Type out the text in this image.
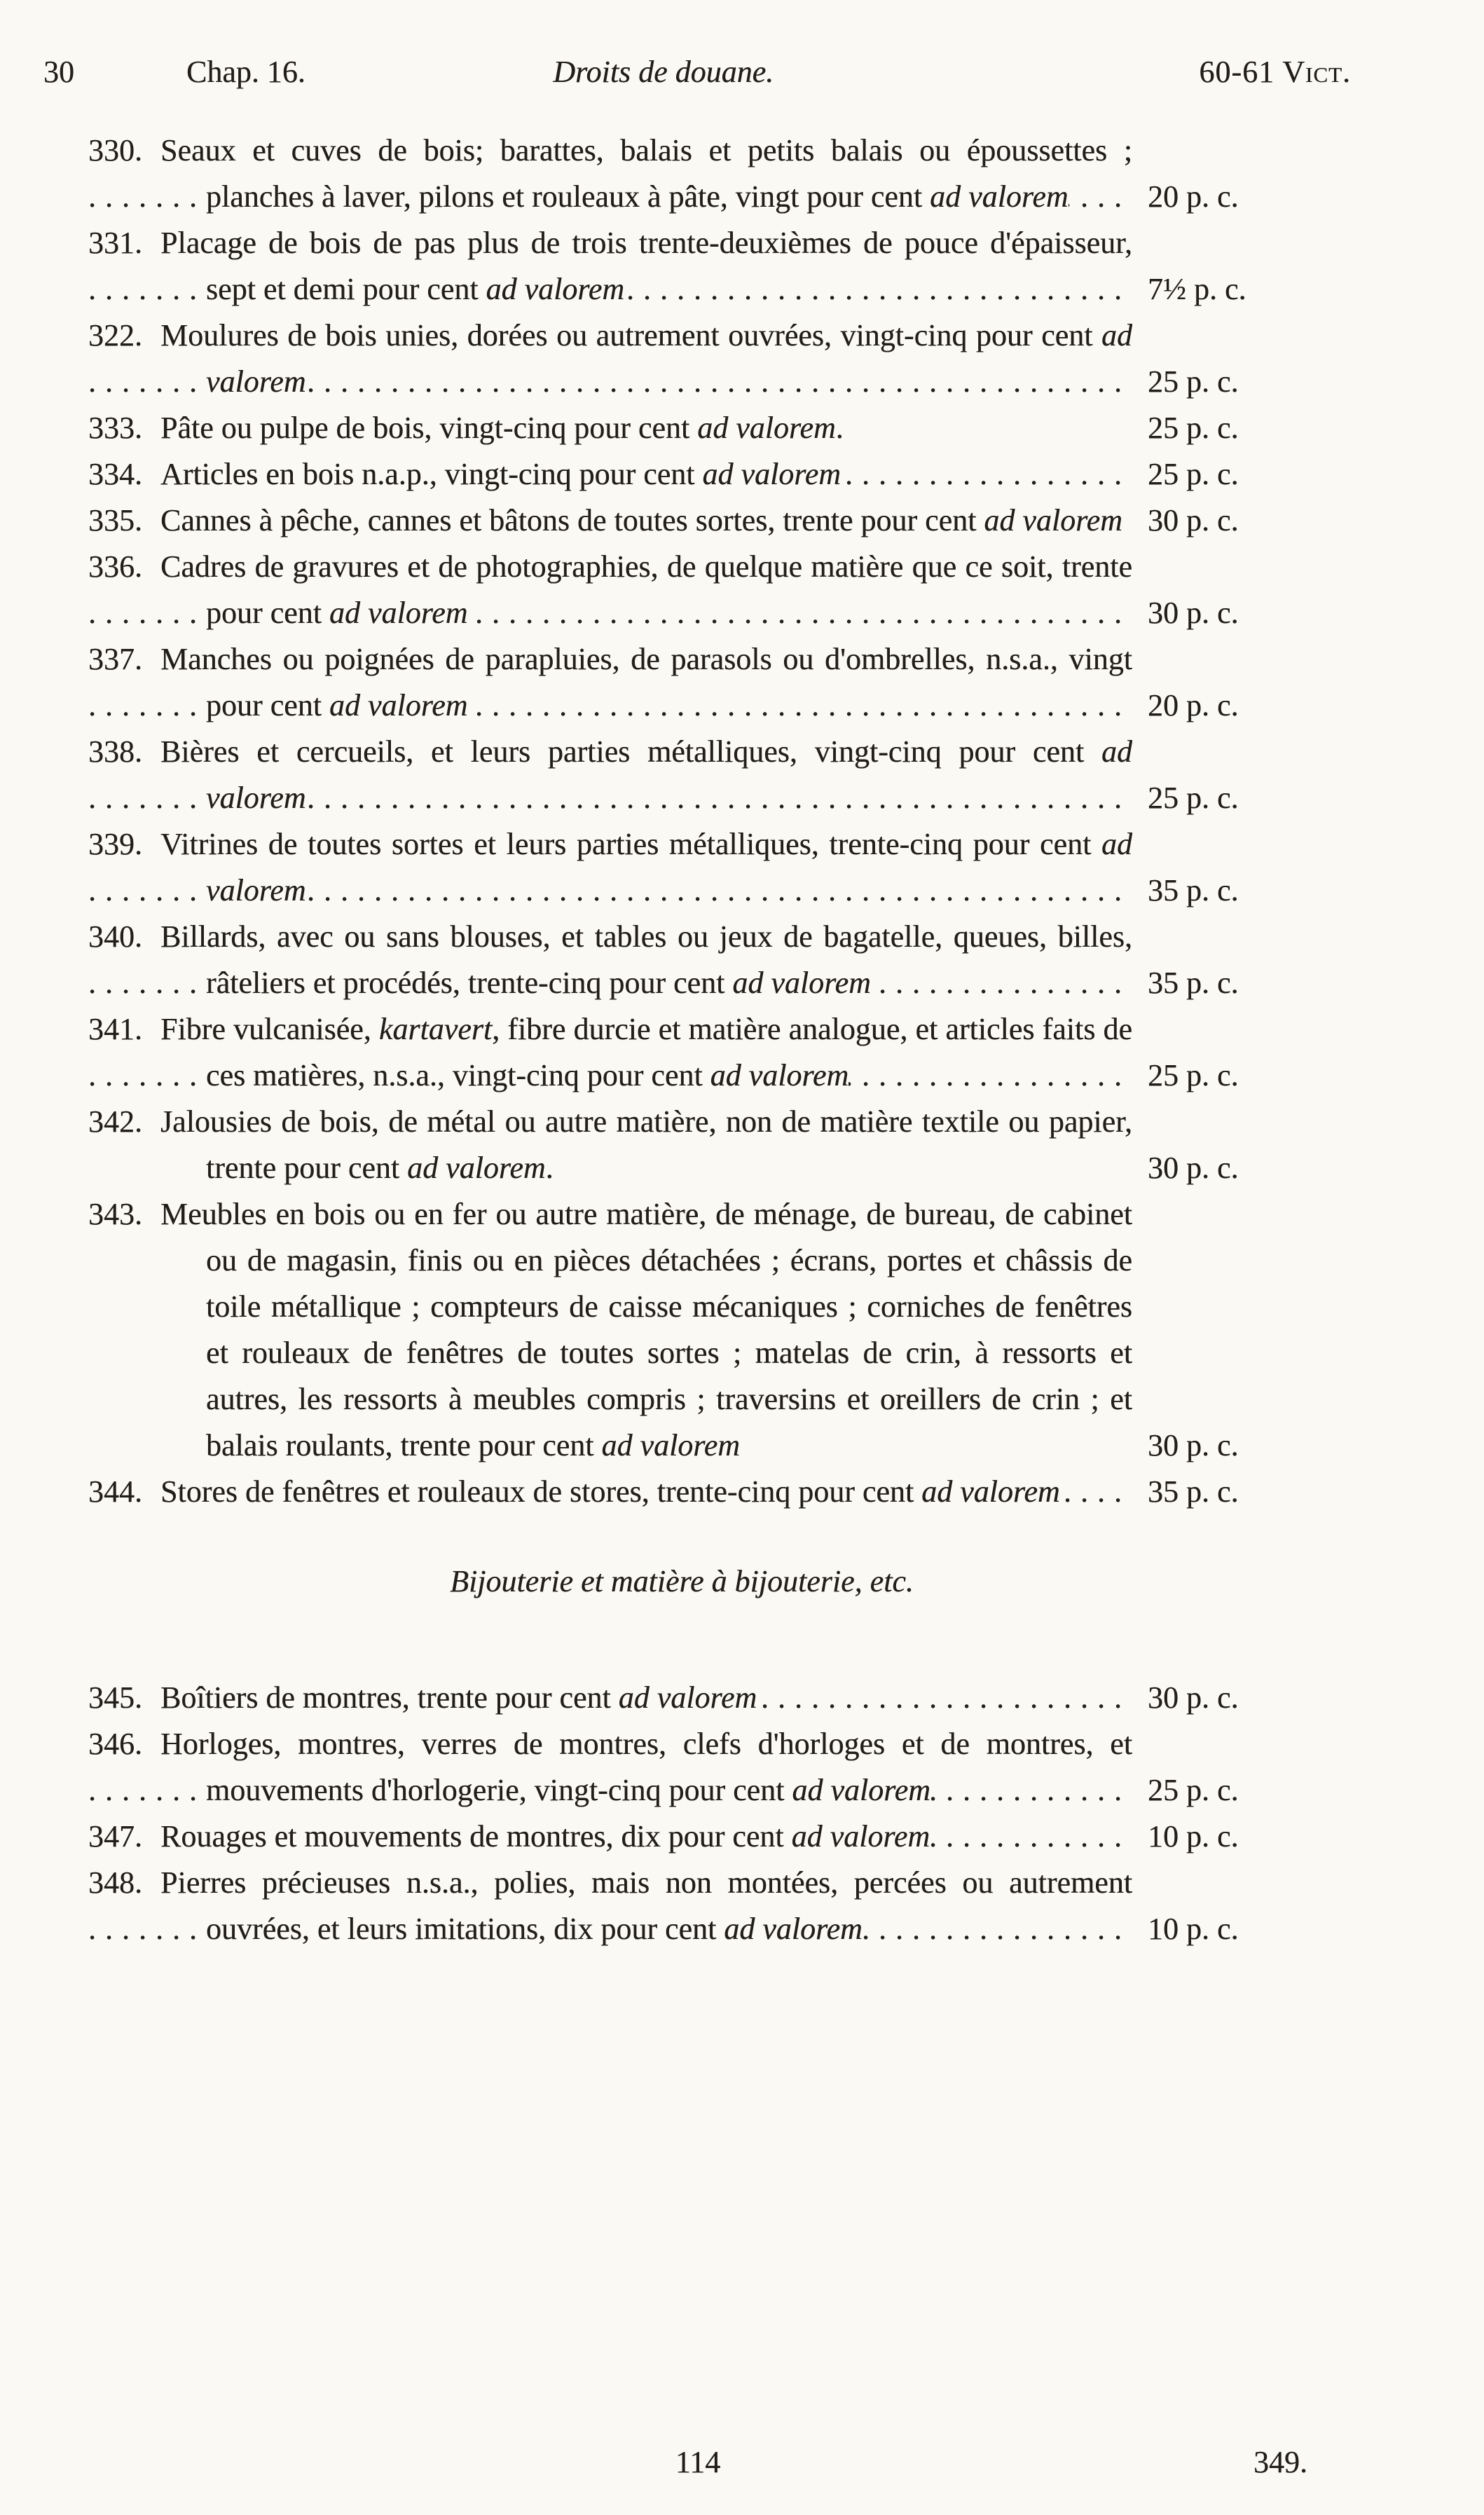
30	Chap. 16.	Droits de douane.	60-61 Vict.
330. Seaux et cuves de bois; barattes, balais et petits balais ou époussettes ; planches à laver, pilons et rouleaux à pâte, vingt pour cent ad valorem	20 p. c.
331. Placage de bois de pas plus de trois trente-deuxièmes de pouce d'épaisseur, sept et demi pour cent ad valorem	7½ p. c.
322. Moulures de bois unies, dorées ou autrement ouvrées, vingt-cinq pour cent ad valorem	25 p. c.
333. Pâte ou pulpe de bois, vingt-cinq pour cent ad valorem.	25 p. c.
334. Articles en bois n.a.p., vingt-cinq pour cent ad valorem	25 p. c.
335. Cannes à pêche, cannes et bâtons de toutes sortes, trente pour cent ad valorem 30 p. c.
336. Cadres de gravures et de photographies, de quelque matière que ce soit, trente pour cent ad valorem	30 p. c.
337. Manches ou poignées de parapluies, de parasols ou d'ombrelles, n.s.a., vingt pour cent ad valorem	20 p. c.
338. Bières et cercueils, et leurs parties métalliques, vingt-cinq pour cent ad valorem	25 p. c.
339. Vitrines de toutes sortes et leurs parties métalliques, trente-cinq pour cent ad valorem	35 p. c.
340. Billards, avec ou sans blouses, et tables ou jeux de bagatelle, queues, billes, râteliers et procédés, trente-cinq pour cent ad valorem	35 p. c.
341. Fibre vulcanisée, kartavert, fibre durcie et matière analogue, et articles faits de ces matières, n.s.a., vingt-cinq pour cent ad valorem	25 p. c.
342. Jalousies de bois, de métal ou autre matière, non de matière textile ou papier, trente pour cent ad valorem.	30 p. c.
343. Meubles en bois ou en fer ou autre matière, de ménage, de bureau, de cabinet ou de magasin, finis ou en pièces détachées ; écrans, portes et châssis de toile métallique ; compteurs de caisse mécaniques ; corniches de fenêtres et rouleaux de fenêtres de toutes sortes ; matelas de crin, à ressorts et autres, les ressorts à meubles compris ; traversins et oreillers de crin ; et balais roulants, trente pour cent ad valorem	30 p. c.
344. Stores de fenêtres et rouleaux de stores, trente-cinq pour cent ad valorem	35 p. c.
Bijouterie et matière à bijouterie, etc.
345. Boîtiers de montres, trente pour cent ad valorem	30 p. c.
346. Horloges, montres, verres de montres, clefs d'horloges et de montres, et mouvements d'horlogerie, vingt-cinq pour cent ad valorem	25 p. c.
347. Rouages et mouvements de montres, dix pour cent ad valorem	10 p. c.
348. Pierres précieuses n.s.a., polies, mais non montées, percées ou autrement ouvrées, et leurs imitations, dix pour cent ad valorem	10 p. c.
114	349.
